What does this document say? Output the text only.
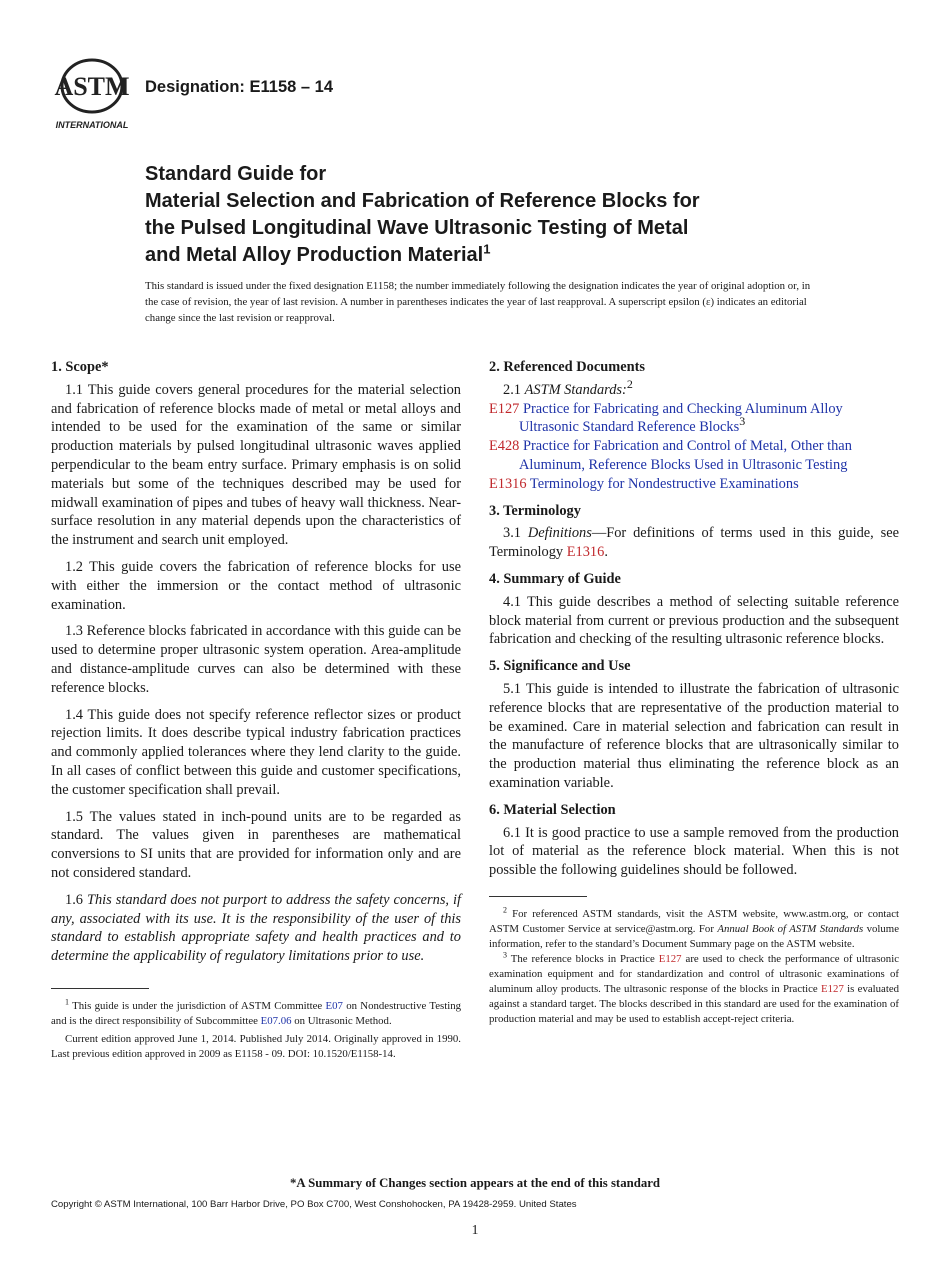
ASTM
INTERNATIONAL
Designation: E1158 – 14
Standard Guide for
Material Selection and Fabrication of Reference Blocks for
the Pulsed Longitudinal Wave Ultrasonic Testing of Metal
and Metal Alloy Production Material$^1$
This standard is issued under the fixed designation E1158; the number immediately following the designation indicates the year of original adoption or, in the case of revision, the year of last revision. A number in parentheses indicates the year of last reapproval. A superscript epsilon (ε) indicates an editorial change since the last revision or reapproval.
1. Scope*

1.1 This guide covers general procedures for the material selection and fabrication of reference blocks made of metal or metal alloys and intended to be used for the examination of the same or similar production materials by pulsed longitudinal ultrasonic waves applied perpendicular to the beam entry surface. Primary emphasis is on solid materials but some of the techniques described may be used for midwall examination of pipes and tubes of heavy wall thickness. Near-surface resolution in any material depends upon the characteristics of the instrument and search unit employed.

1.2 This guide covers the fabrication of reference blocks for use with either the immersion or the contact method of ultrasonic examination.

1.3 Reference blocks fabricated in accordance with this guide can be used to determine proper ultrasonic system operation. Area-amplitude and distance-amplitude curves can also be determined with these reference blocks.

1.4 This guide does not specify reference reflector sizes or product rejection limits. It does describe typical industry fabrication practices and commonly applied tolerances where they lend clarity to the guide. In all cases of conflict between this guide and customer specifications, the customer specification shall prevail.

1.5 The values stated in inch-pound units are to be regarded as standard. The values given in parentheses are mathematical conversions to SI units that are provided for information only and are not considered standard.

1.6 This standard does not purport to address the safety concerns, if any, associated with its use. It is the responsibility of the user of this standard to establish appropriate safety and health practices and to determine the applicability of regulatory limitations prior to use.

$^1$ This guide is under the jurisdiction of ASTM Committee E07 on Nondestructive Testing and is the direct responsibility of Subcommittee E07.06 on Ultrasonic Method.

Current edition approved June 1, 2014. Published July 2014. Originally approved in 1990. Last previous edition approved in 2009 as E1158 - 09. DOI: 10.1520/E1158-14.

2. Referenced Documents

2.1 ASTM Standards:$^2$

E127 Practice for Fabricating and Checking Aluminum Alloy Ultrasonic Standard Reference Blocks$^3$
E428 Practice for Fabrication and Control of Metal, Other than Aluminum, Reference Blocks Used in Ultrasonic Testing
E1316 Terminology for Nondestructive Examinations
3. Terminology

3.1 Definitions—For definitions of terms used in this guide, see Terminology E1316.

4. Summary of Guide

4.1 This guide describes a method of selecting suitable reference block material from current or previous production and the subsequent fabrication and checking of the resulting ultrasonic reference blocks.

5. Significance and Use

5.1 This guide is intended to illustrate the fabrication of ultrasonic reference blocks that are representative of the production material to be examined. Care in material selection and fabrication can result in the manufacture of reference blocks that are ultrasonically similar to the production material thus eliminating the reference block as an examination variable.

6. Material Selection

6.1 It is good practice to use a sample removed from the production lot of material as the reference block material. When this is not possible the following guidelines should be followed.

$^2$ For referenced ASTM standards, visit the ASTM website, www.astm.org, or contact ASTM Customer Service at service@astm.org. For Annual Book of ASTM Standards volume information, refer to the standard’s Document Summary page on the ASTM website.

$^3$ The reference blocks in Practice E127 are used to check the performance of ultrasonic examination equipment and for standardization and control of ultrasonic examinations of aluminum alloy products. The ultrasonic response of the blocks in Practice E127 is evaluated against a standard target. The blocks described in this standard are used for the examination of production material and may be used to establish accept-reject criteria.

*A Summary of Changes section appears at the end of this standard
Copyright © ASTM International, 100 Barr Harbor Drive, PO Box C700, West Conshohocken, PA 19428-2959. United States
1
